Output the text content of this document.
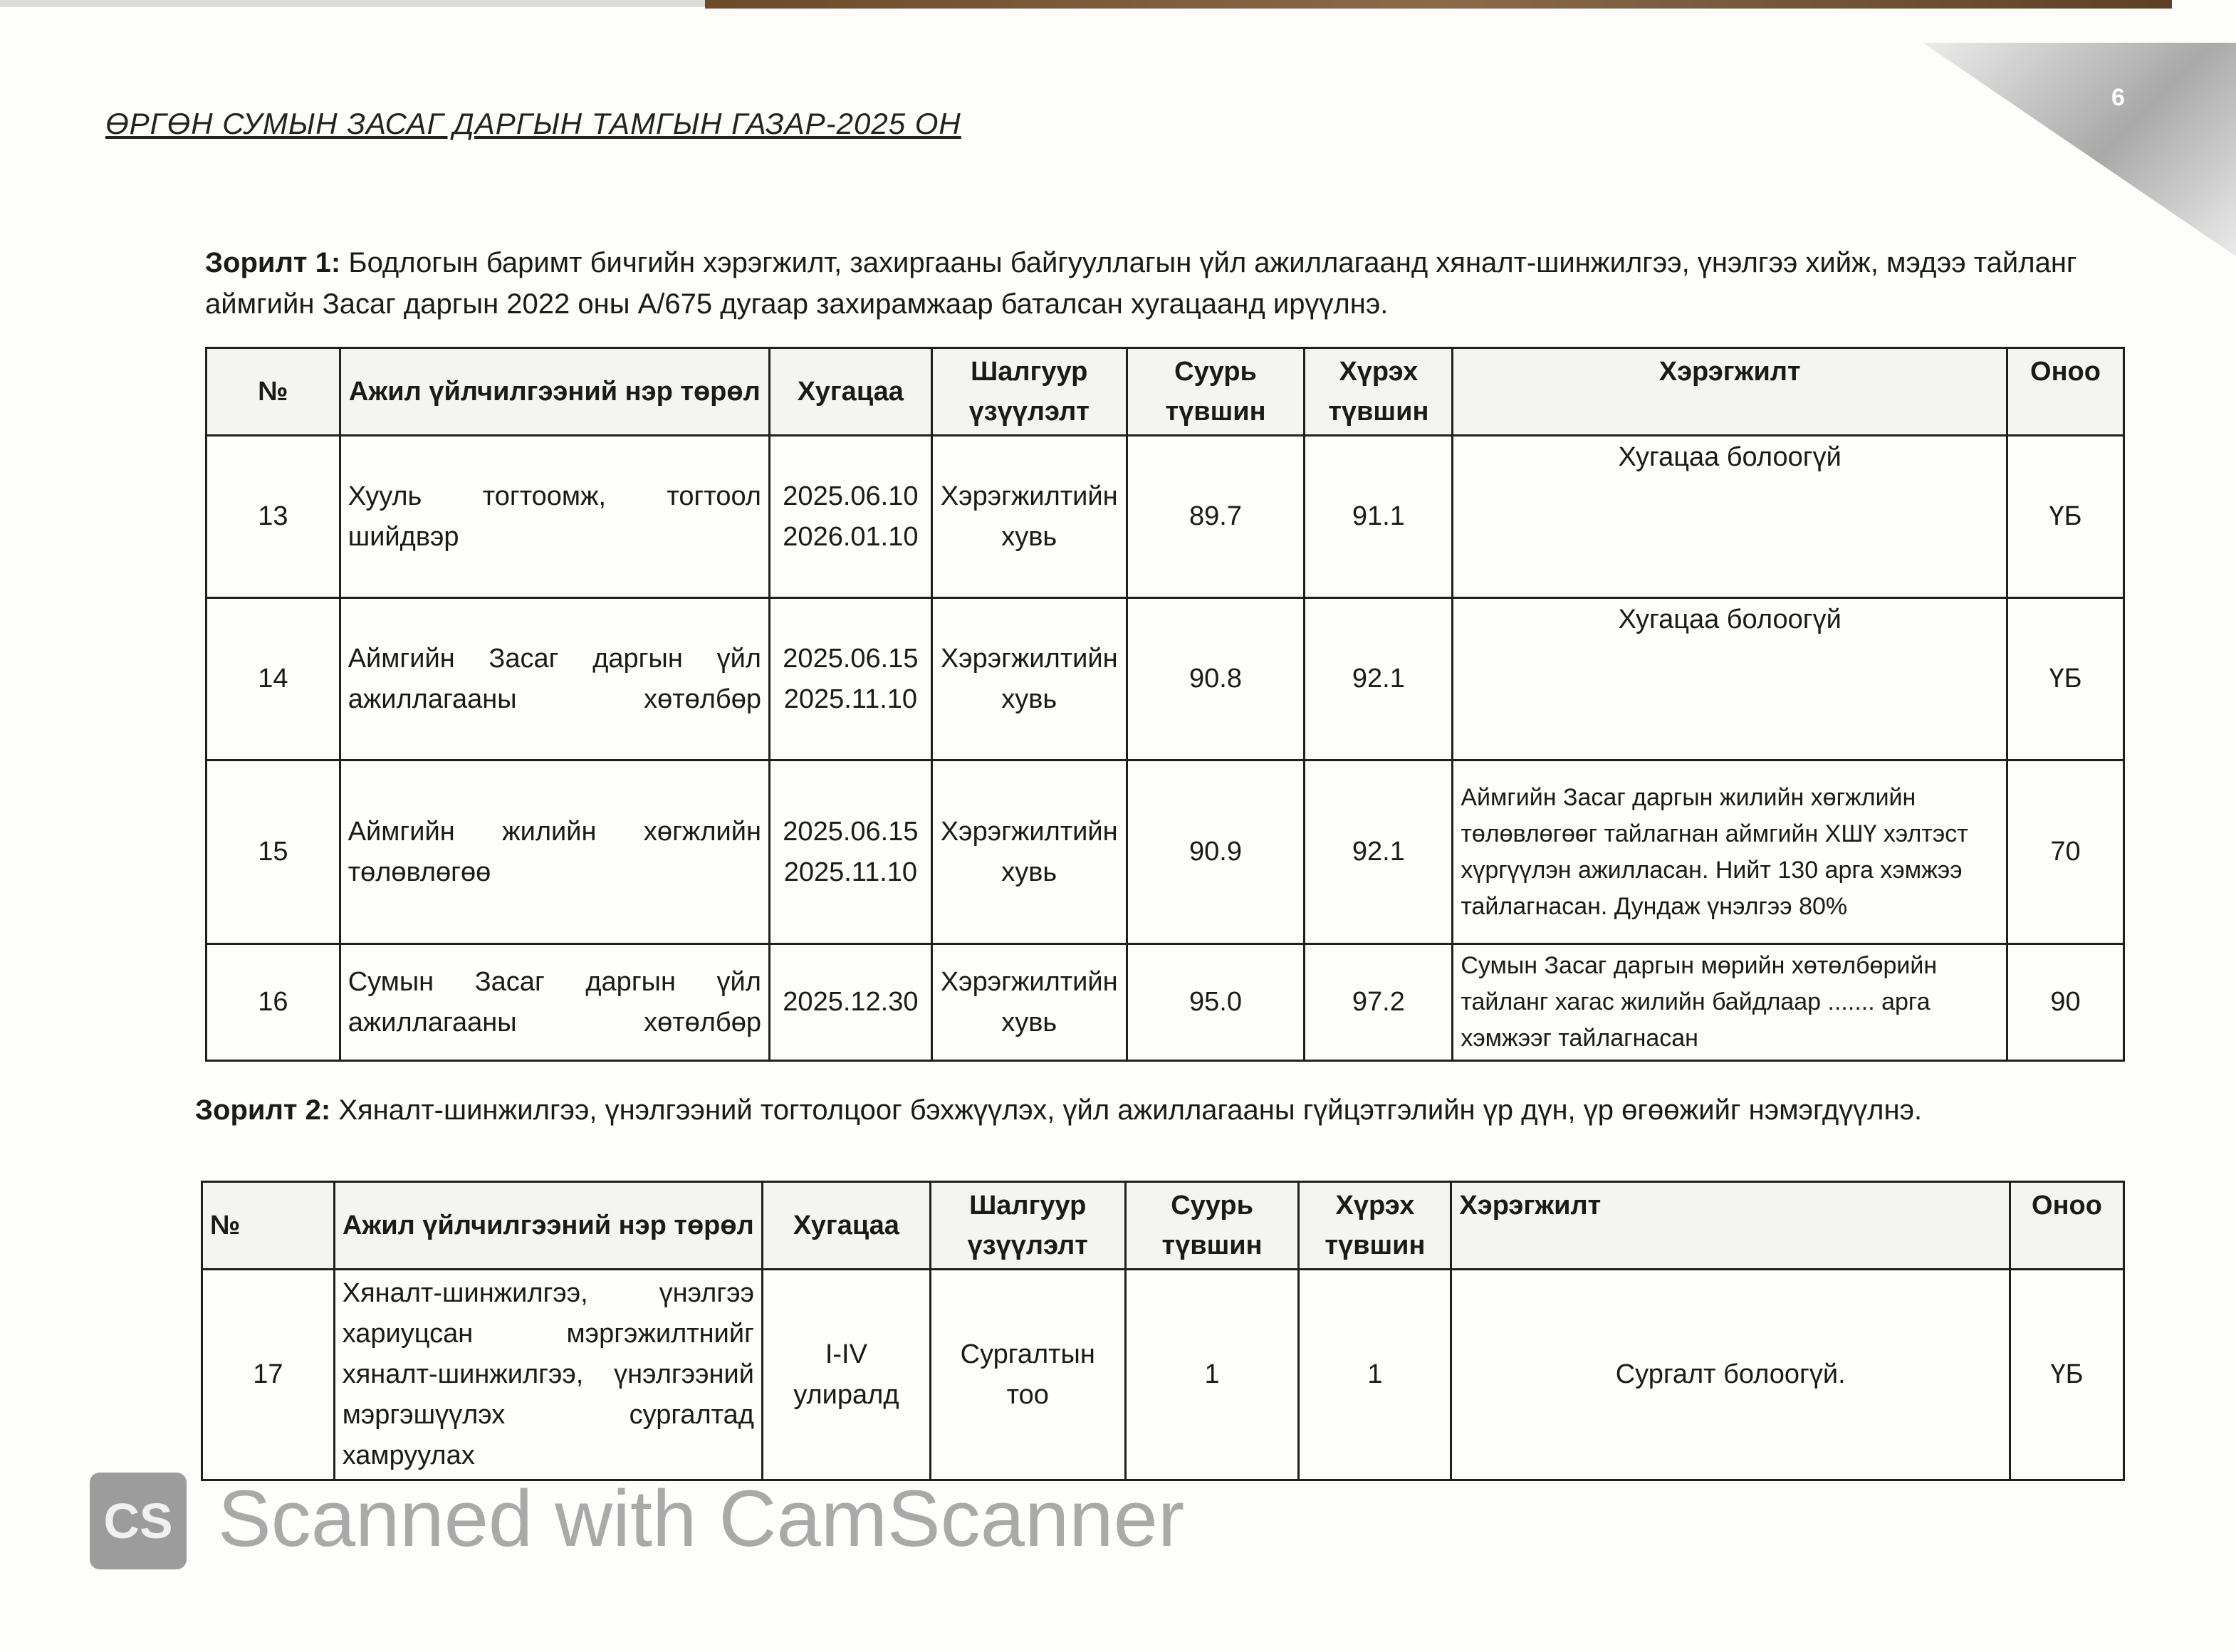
6
ӨРГӨН СУМЫН ЗАСАГ ДАРГЫН ТАМГЫН ГАЗАР-2025 ОН
Зорилт 1: Бодлогын баримт бичгийн хэрэгжилт, захиргааны байгууллагын үйл ажиллагаанд хяналт-шинжилгээ, үнэлгээ хийж, мэдээ тайланг аймгийн Засаг даргын 2022 оны А/675 дугаар захирамжаар баталсан хугацаанд ирүүлнэ.
№	Ажил үйлчилгээний нэр төрөл	Хугацаа	Шалгуур үзүүлэлт	Суурь түвшин	Хүрэх түвшин	Хэрэгжилт	Оноо
13	Хууль тогтоомж, тогтоол шийдвэр	2025.06.10 2026.01.10	Хэрэгжилтийн хувь	89.7	91.1	Хугацаа болоогүй	ҮБ
14	Аймгийн Засаг даргын үйл ажиллагааны хөтөлбөр	2025.06.15 2025.11.10	Хэрэгжилтийн хувь	90.8	92.1	Хугацаа болоогүй	ҮБ
15	Аймгийн жилийн хөгжлийн төлөвлөгөө	2025.06.15 2025.11.10	Хэрэгжилтийн хувь	90.9	92.1	Аймгийн Засаг даргын жилийн хөгжлийн төлөвлөгөөг тайлагнан аймгийн ХШҮ хэлтэст хүргүүлэн ажилласан. Нийт 130 арга хэмжээ тайлагнасан. Дундаж үнэлгээ 80%	70
16	Сумын Засаг даргын үйл ажиллагааны хөтөлбөр	2025.12.30	Хэрэгжилтийн хувь	95.0	97.2	Сумын Засаг даргын мөрийн хөтөлбөрийн тайланг хагас жилийн байдлаар ....... арга хэмжээг тайлагнасан	90
Зорилт 2: Хяналт-шинжилгээ, үнэлгээний тогтолцоог бэхжүүлэх, үйл ажиллагааны гүйцэтгэлийн үр дүн, үр өгөөжийг нэмэгдүүлнэ.
№	Ажил үйлчилгээний нэр төрөл	Хугацаа	Шалгуур үзүүлэлт	Суурь түвшин	Хүрэх түвшин	Хэрэгжилт	Оноо
17	Хяналт-шинжилгээ, үнэлгээ хариуцсан мэргэжилтнийг хяналт-шинжилгээ, үнэлгээний мэргэшүүлэх сургалтад хамруулах	I-IV улиралд	Сургалтын тоо	1	1	Сургалт болоогүй.	ҮБ
CS Scanned with CamScanner
